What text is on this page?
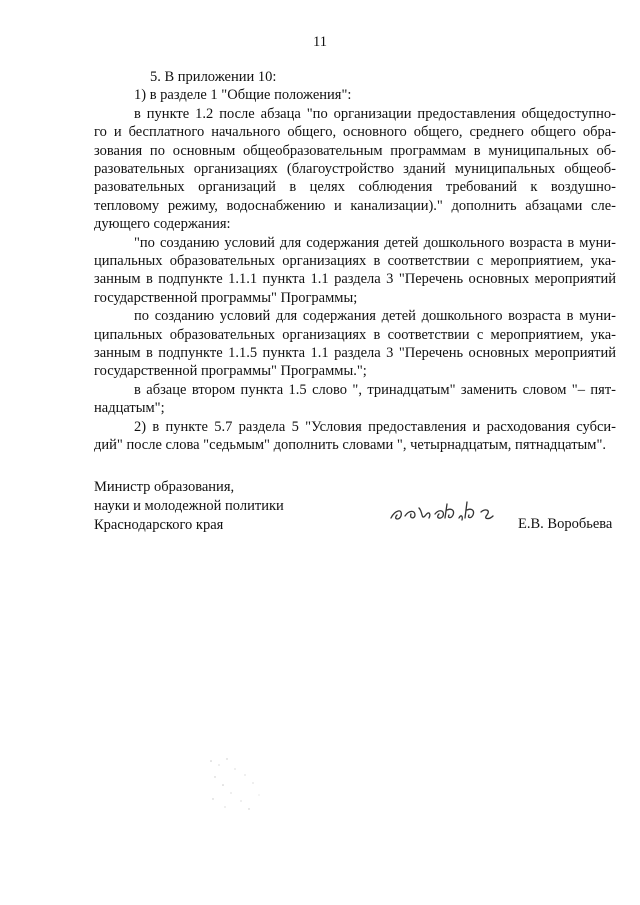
11
5. В приложении 10:
1) в разделе 1 "Общие положения":
в пункте 1.2 после абзаца "по организации предоставления общедоступно-
го и бесплатного начального общего, основного общего, среднего общего обра-
зования по основным общеобразовательным программам в муниципальных об-
разовательных организациях (благоустройство зданий муниципальных общеоб-
разовательных организаций в целях соблюдения требований к воздушно-
тепловому режиму, водоснабжению и канализации)." дополнить абзацами сле-
дующего содержания:
"по созданию условий для содержания детей дошкольного возраста в муни-
ципальных образовательных организациях в соответствии с мероприятием, ука-
занным в подпункте 1.1.1 пункта 1.1 раздела 3 "Перечень основных мероприятий
государственной программы" Программы;
по созданию условий для содержания детей дошкольного возраста в муни-
ципальных образовательных организациях в соответствии с мероприятием, ука-
занным в подпункте 1.1.5 пункта 1.1 раздела 3 "Перечень основных мероприятий
государственной программы" Программы.";
в абзаце втором пункта 1.5 слово ", тринадцатым" заменить словом "– пят-
надцатым";
2) в пункте 5.7 раздела 5 "Условия предоставления и расходования субси-
дий" после слова "седьмым" дополнить словами ", четырнадцатым, пятнадцатым".
Министр образования,
науки и молодежной политики
Краснодарского края	Е.В. Воробьева
